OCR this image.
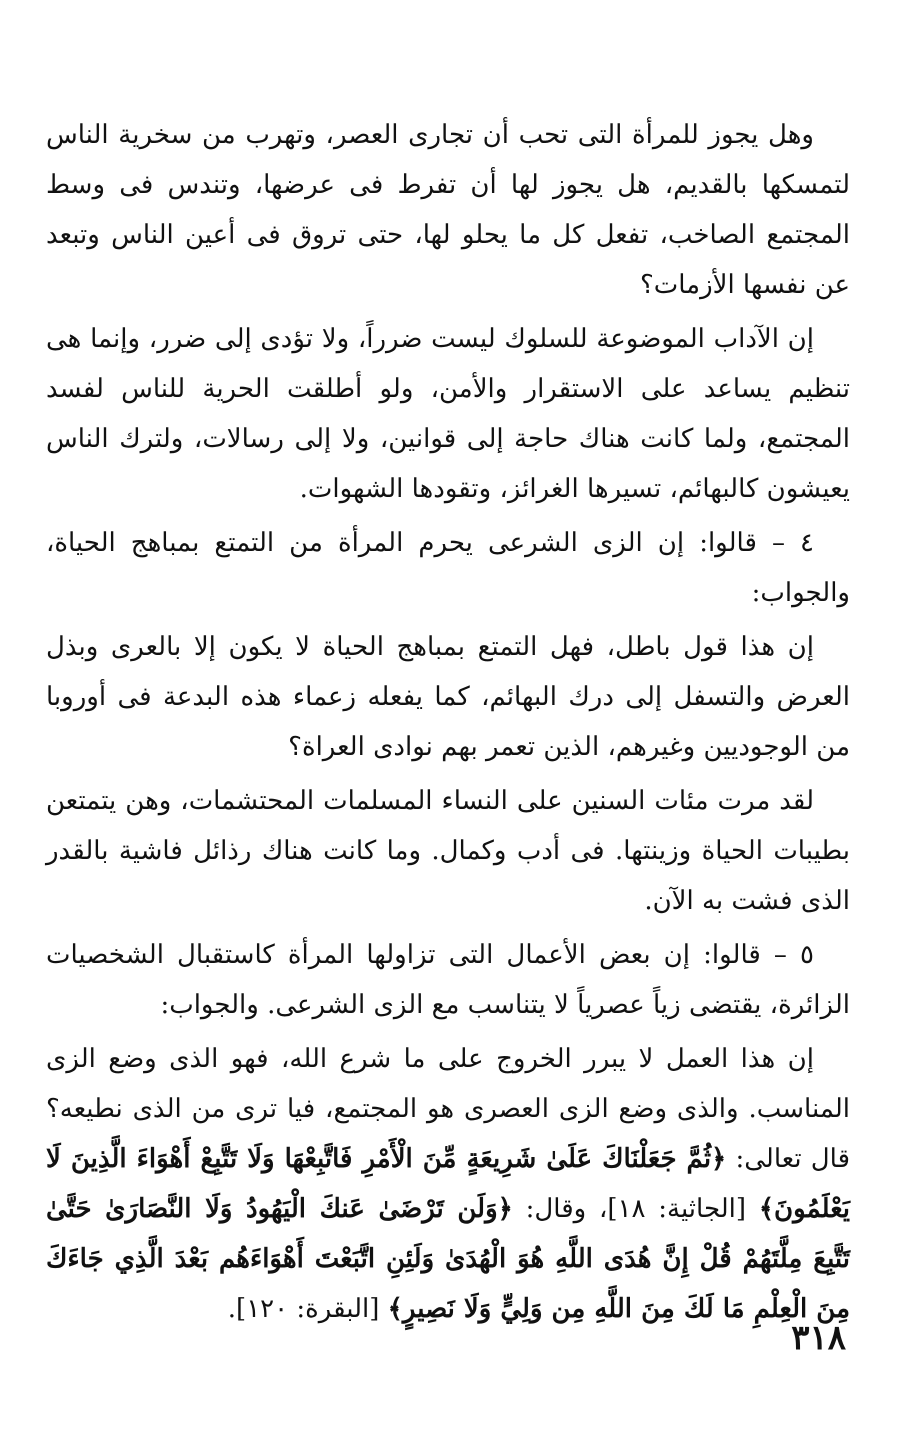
وهل يجوز للمرأة التى تحب أن تجارى العصر، وتهرب من سخرية الناس لتمسكها بالقديم، هل يجوز لها أن تفرط فى عرضها، وتندس فى وسط المجتمع الصاخب، تفعل كل ما يحلو لها، حتى تروق فى أعين الناس وتبعد عن نفسها الأزمات؟

إن الآداب الموضوعة للسلوك ليست ضرراً، ولا تؤدى إلى ضرر، وإنما هى تنظيم يساعد على الاستقرار والأمن، ولو أطلقت الحرية للناس لفسد المجتمع، ولما كانت هناك حاجة إلى قوانين، ولا إلى رسالات، ولترك الناس يعيشون كالبهائم، تسيرها الغرائز، وتقودها الشهوات.

٤ – قالوا: إن الزى الشرعى يحرم المرأة من التمتع بمباهج الحياة، والجواب:

إن هذا قول باطل، فهل التمتع بمباهج الحياة لا يكون إلا بالعرى وبذل العرض والتسفل إلى درك البهائم، كما يفعله زعماء هذه البدعة فى أوروبا من الوجوديين وغيرهم، الذين تعمر بهم نوادى العراة؟

لقد مرت مئات السنين على النساء المسلمات المحتشمات، وهن يتمتعن بطيبات الحياة وزينتها. فى أدب وكمال. وما كانت هناك رذائل فاشية بالقدر الذى فشت به الآن.

٥ – قالوا: إن بعض الأعمال التى تزاولها المرأة كاستقبال الشخصيات الزائرة، يقتضى زياً عصرياً لا يتناسب مع الزى الشرعى. والجواب:

إن هذا العمل لا يبرر الخروج على ما شرع الله، فهو الذى وضع الزى المناسب. والذى وضع الزى العصرى هو المجتمع، فيا ترى من الذى نطيعه؟ قال تعالى: ﴿ثُمَّ جَعَلْنَاكَ عَلَىٰ شَرِيعَةٍ مِّنَ الْأَمْرِ فَاتَّبِعْهَا وَلَا تَتَّبِعْ أَهْوَاءَ الَّذِينَ لَا يَعْلَمُونَ﴾ [الجاثية: ١٨]، وقال: ﴿وَلَن تَرْضَىٰ عَنكَ الْيَهُودُ وَلَا النَّصَارَىٰ حَتَّىٰ تَتَّبِعَ مِلَّتَهُمْ قُلْ إِنَّ هُدَى اللَّهِ هُوَ الْهُدَىٰ وَلَئِنِ اتَّبَعْتَ أَهْوَاءَهُم بَعْدَ الَّذِي جَاءَكَ مِنَ الْعِلْمِ مَا لَكَ مِنَ اللَّهِ مِن وَلِيٍّ وَلَا نَصِيرٍ﴾ [البقرة: ١٢٠].

٣١٨
